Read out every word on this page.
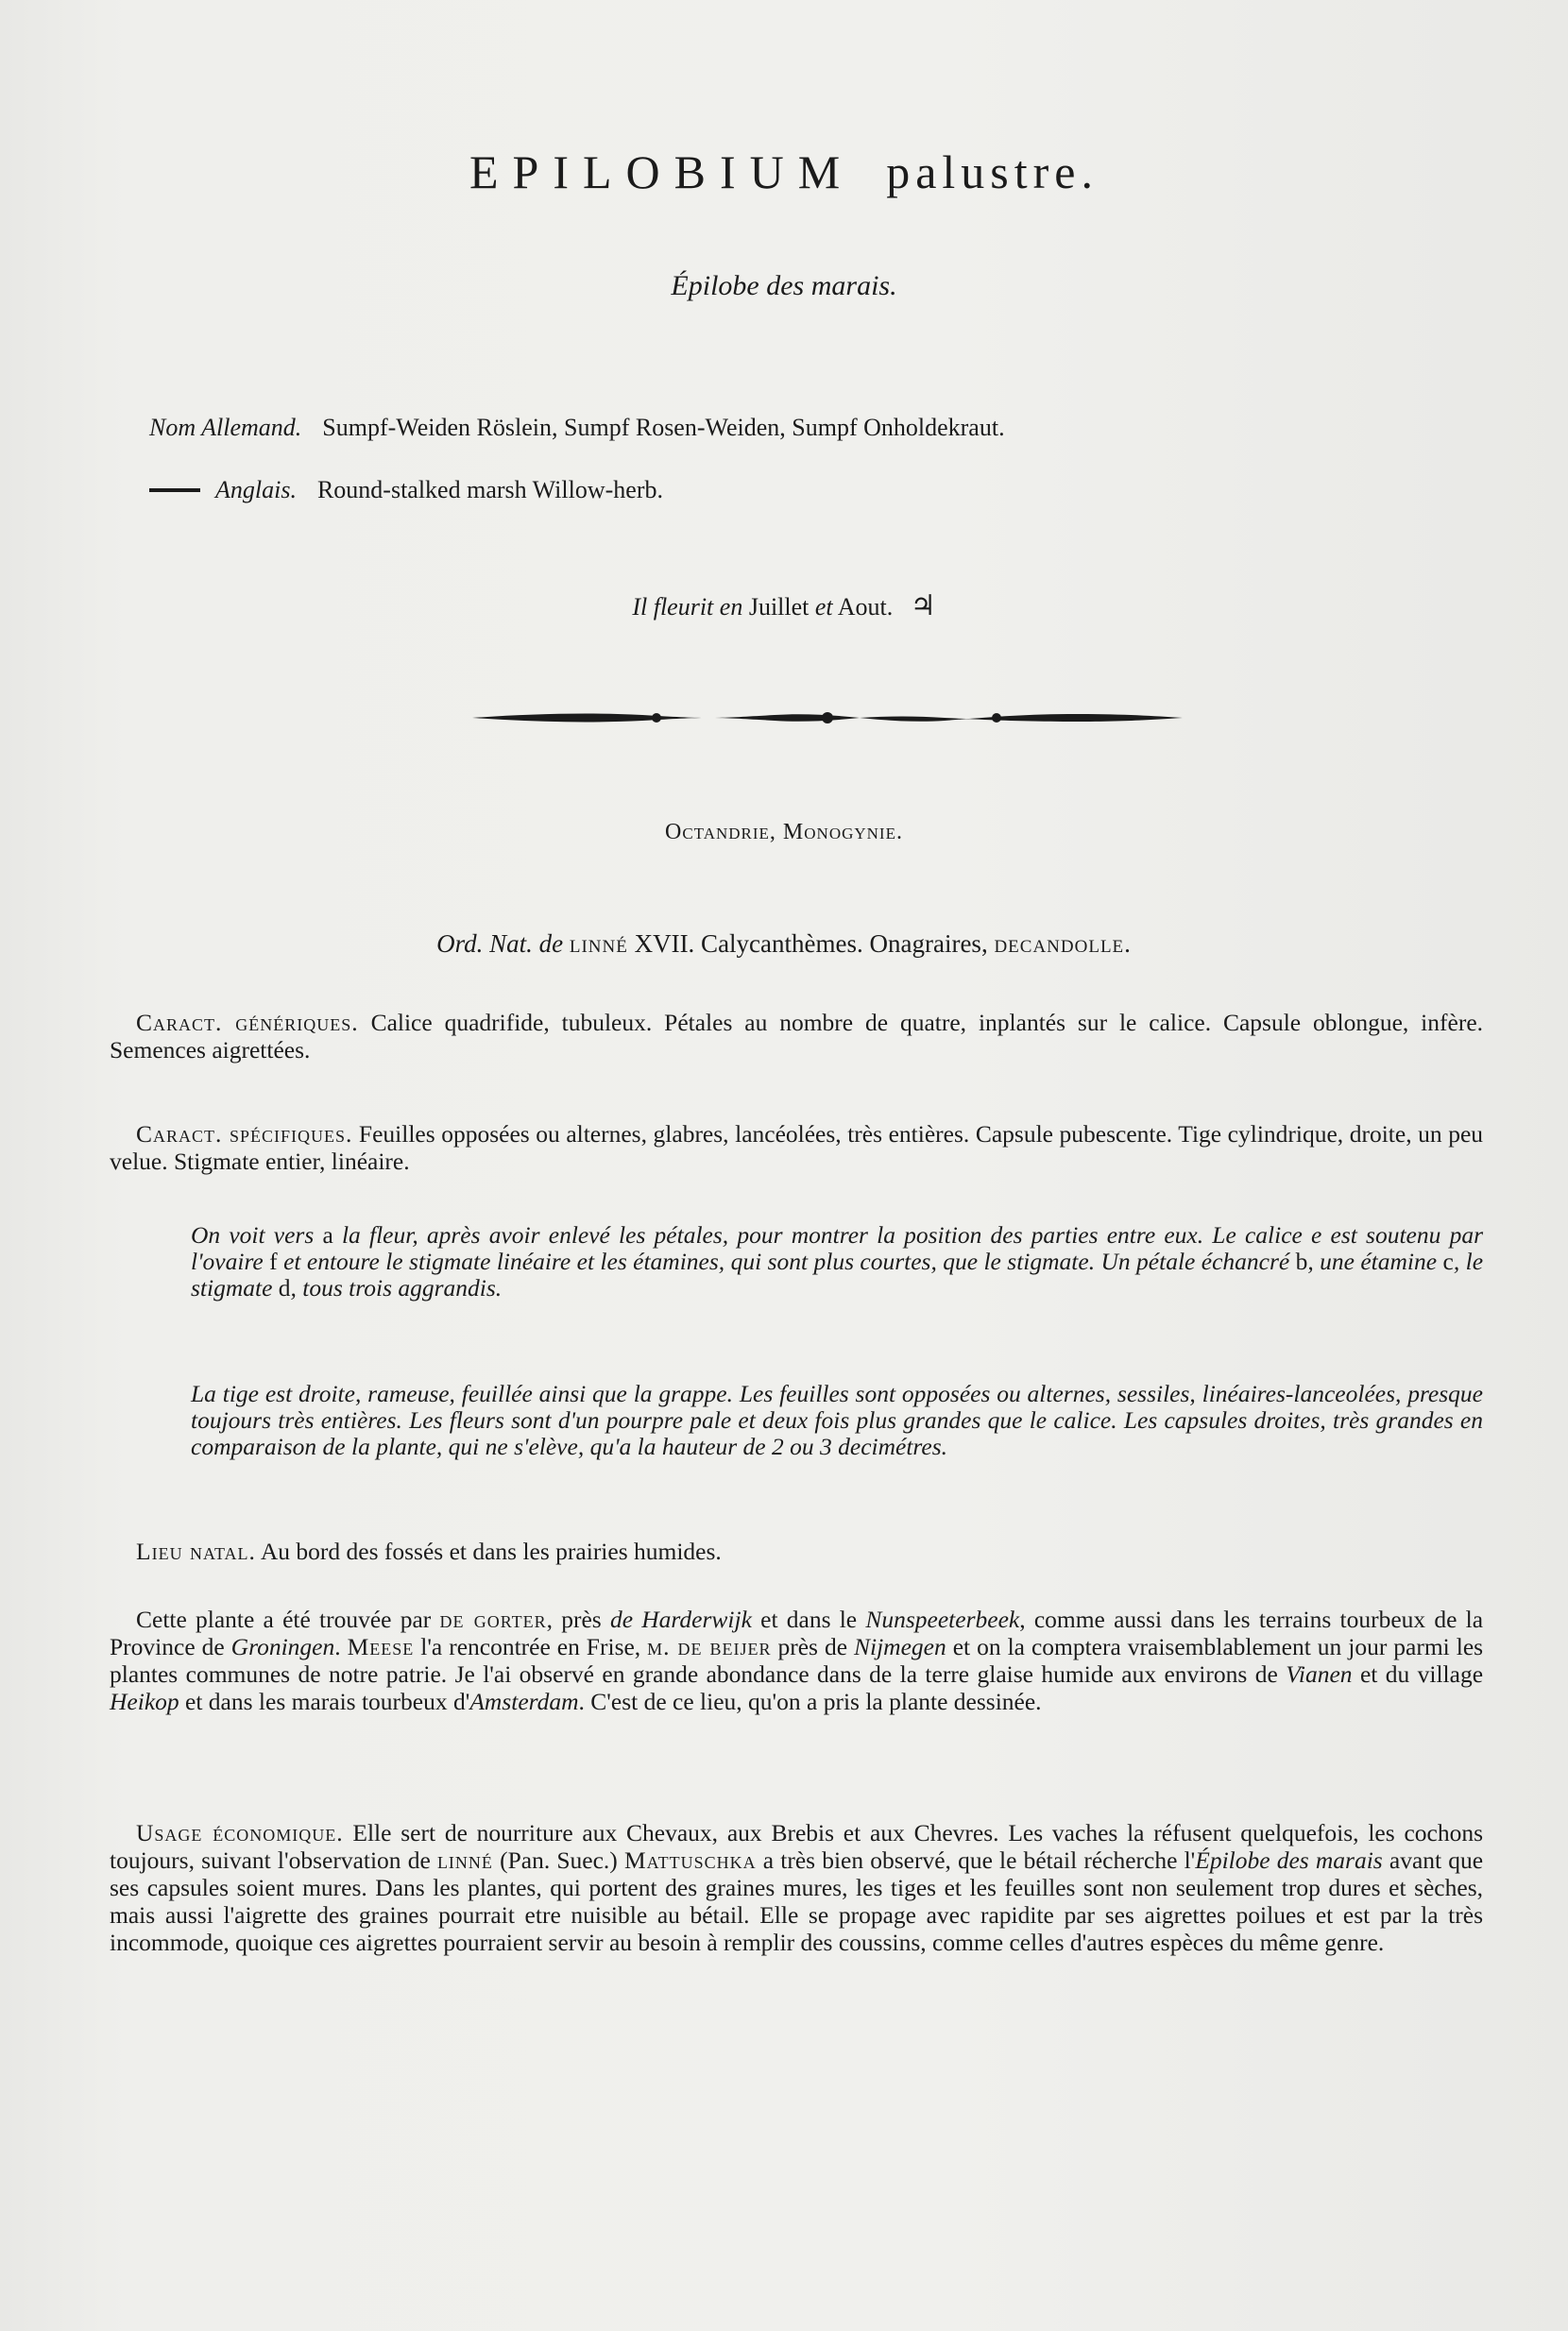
EPILOBIUM palustre.
Épilobe des marais.
Nom Allemand. Sumpf-Weiden Röslein, Sumpf Rosen-Weiden, Sumpf Onholdekraut.
Anglais. Round-stalked marsh Willow-herb.
Il fleurit en Juillet et Aout. ♃
Octandrie, Monogynie.
Ord. Nat. de linné XVII. Calycanthèmes. Onagraires, decandolle.

Caract. génériques. Calice quadrifide, tubuleux. Pétales au nombre de quatre, inplantés sur le calice. Capsule oblongue, infère. Semences aigrettées.

Caract. spécifiques. Feuilles opposées ou alternes, glabres, lancéolées, très entières. Capsule pubescente. Tige cylindrique, droite, un peu velue. Stigmate entier, linéaire.

On voit vers a la fleur, après avoir enlevé les pétales, pour montrer la position des parties entre eux. Le calice e est soutenu par l'ovaire f et entoure le stigmate linéaire et les étamines, qui sont plus courtes, que le stigmate. Un pétale échancré b, une étamine c, le stigmate d, tous trois aggrandis.

La tige est droite, rameuse, feuillée ainsi que la grappe. Les feuilles sont opposées ou alternes, sessiles, linéaires-lanceolées, presque toujours très entières. Les fleurs sont d'un pourpre pale et deux fois plus grandes que le calice. Les capsules droites, très grandes en comparaison de la plante, qui ne s'elève, qu'a la hauteur de 2 ou 3 decimétres.

Lieu natal. Au bord des fossés et dans les prairies humides.

Cette plante a été trouvée par de gorter, près de Harderwijk et dans le Nunspeeterbeek, comme aussi dans les terrains tourbeux de la Province de Groningen. Meese l'a rencontrée en Frise, m. de beijer près de Nijmegen et on la comptera vraisemblablement un jour parmi les plantes communes de notre patrie. Je l'ai observé en grande abondance dans de la terre glaise humide aux environs de Vianen et du village Heikop et dans les marais tourbeux d'Amsterdam. C'est de ce lieu, qu'on a pris la plante dessinée.

Usage économique. Elle sert de nourriture aux Chevaux, aux Brebis et aux Chevres. Les vaches la réfusent quelquefois, les cochons toujours, suivant l'observation de linné (Pan. Suec.) Mattuschka a très bien observé, que le bétail récherche l'Épilobe des marais avant que ses capsules soient mures. Dans les plantes, qui portent des graines mures, les tiges et les feuilles sont non seulement trop dures et sèches, mais aussi l'aigrette des graines pourrait etre nuisible au bétail. Elle se propage avec rapidite par ses aigrettes poilues et est par la très incommode, quoique ces aigrettes pourraient servir au besoin à remplir des coussins, comme celles d'autres espèces du même genre.
